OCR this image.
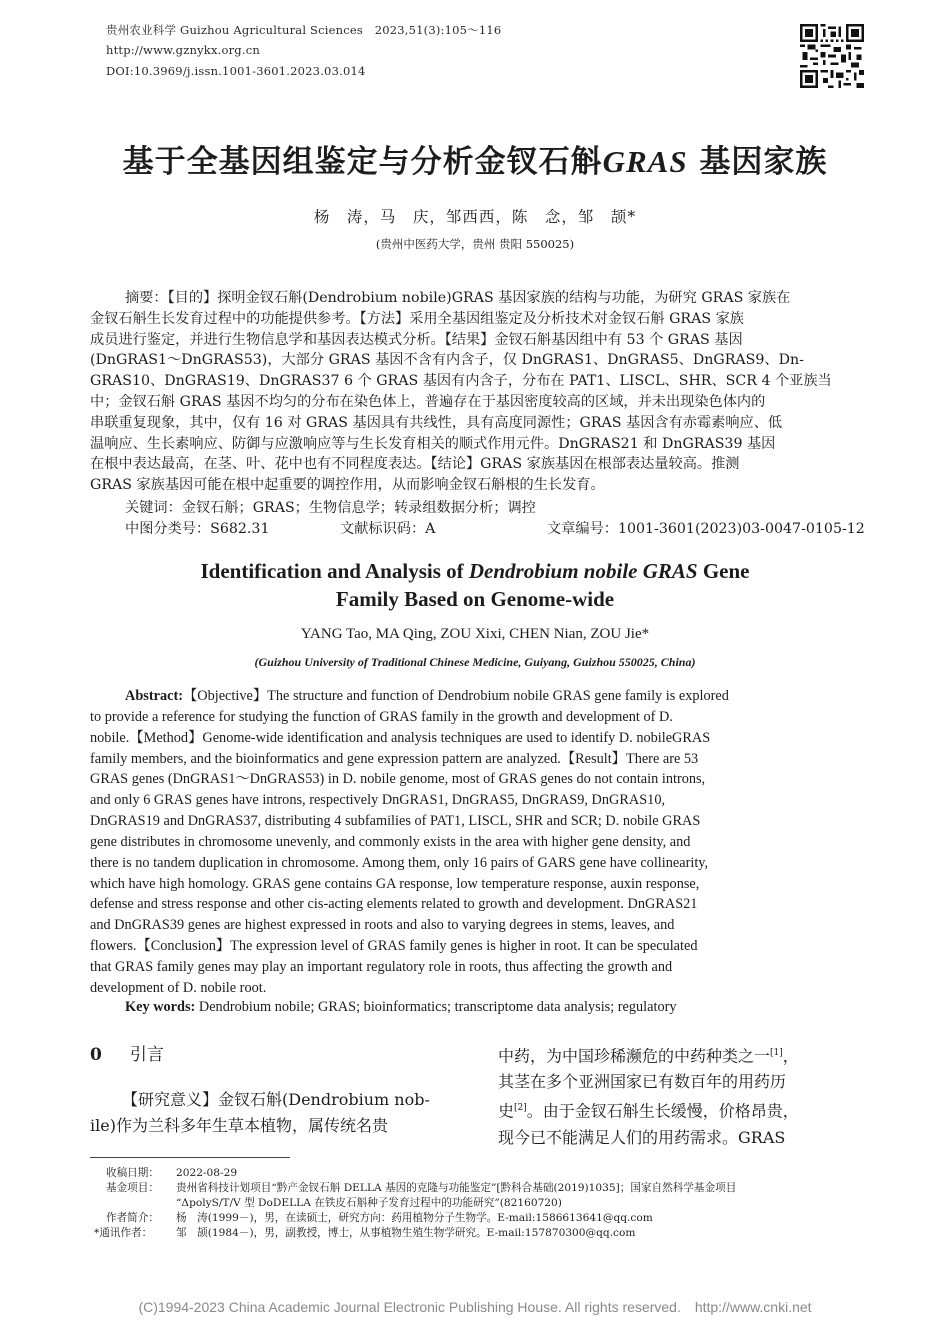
贵州农业科学 Guizhou Agricultural Sciences　2023,51(3):105～116
http://www.gznykx.org.cn
DOI:10.3969/j.issn.1001-3601.2023.03.014
基于全基因组鉴定与分析金钗石斛GRAS 基因家族
杨　涛，马　庆，邹西西，陈　念，邹　颉*
(贵州中医药大学，贵州 贵阳 550025)
摘要：【目的】探明金钗石斛(Dendrobium nobile)GRAS 基因家族的结构与功能，为研究 GRAS 家族在
金钗石斛生长发育过程中的功能提供参考。【方法】采用全基因组鉴定及分析技术对金钗石斛 GRAS 家族
成员进行鉴定，并进行生物信息学和基因表达模式分析。【结果】金钗石斛基因组中有 53 个 GRAS 基因
(DnGRAS1～DnGRAS53)，大部分 GRAS 基因不含有内含子，仅 DnGRAS1、DnGRAS5、DnGRAS9、Dn-
GRAS10、DnGRAS19、DnGRAS37 6 个 GRAS 基因有内含子，分布在 PAT1、LISCL、SHR、SCR 4 个亚族当
中；金钗石斛 GRAS 基因不均匀的分布在染色体上，普遍存在于基因密度较高的区域，并未出现染色体内的
串联重复现象，其中，仅有 16 对 GRAS 基因具有共线性，具有高度同源性；GRAS 基因含有赤霉素响应、低
温响应、生长素响应、防御与应激响应等与生长发育相关的顺式作用元件。DnGRAS21 和 DnGRAS39 基因
在根中表达最高，在茎、叶、花中也有不同程度表达。【结论】GRAS 家族基因在根部表达量较高。推测
GRAS 家族基因可能在根中起重要的调控作用，从而影响金钗石斛根的生长发育。
关键词：金钗石斛；GRAS；生物信息学；转录组数据分析；调控
中图分类号：S682.31	文献标识码：A	文章编号：1001-3601(2023)03-0047-0105-12
Identification and Analysis of Dendrobium nobile GRAS Gene
Family Based on Genome-wide
YANG Tao, MA Qing, ZOU Xixi, CHEN Nian, ZOU Jie*
(Guizhou University of Traditional Chinese Medicine, Guiyang, Guizhou 550025, China)
Abstract:【Objective】The structure and function of Dendrobium nobile GRAS gene family is explored
to provide a reference for studying the function of GRAS family in the growth and development of D.
nobile.【Method】Genome-wide identification and analysis techniques are used to identify D. nobileGRAS
family members, and the bioinformatics and gene expression pattern are analyzed.【Result】There are 53
GRAS genes (DnGRAS1～DnGRAS53) in D. nobile genome, most of GRAS genes do not contain introns,
and only 6 GRAS genes have introns, respectively DnGRAS1, DnGRAS5, DnGRAS9, DnGRAS10,
DnGRAS19 and DnGRAS37, distributing 4 subfamilies of PAT1, LISCL, SHR and SCR; D. nobile GRAS
gene distributes in chromosome unevenly, and commonly exists in the area with higher gene density, and
there is no tandem duplication in chromosome. Among them, only 16 pairs of GARS gene have collinearity,
which have high homology. GRAS gene contains GA response, low temperature response, auxin response,
defense and stress response and other cis-acting elements related to growth and development. DnGRAS21
and DnGRAS39 genes are highest expressed in roots and also to varying degrees in stems, leaves, and
flowers.【Conclusion】The expression level of GRAS family genes is higher in root. It can be speculated
that GRAS family genes may play an important regulatory role in roots, thus affecting the growth and
development of D. nobile root.
Key words: Dendrobium nobile; GRAS; bioinformatics; transcriptome data analysis; regulatory
0 引言
【研究意义】金钗石斛(Dendrobium nob-
ile)作为兰科多年生草本植物，属传统名贵
中药，为中国珍稀濒危的中药种类之一[1]，
其茎在多个亚洲国家已有数百年的用药历
史[2]。由于金钗石斛生长缓慢，价格昂贵，
现今已不能满足人们的用药需求。GRAS
收稿日期： 2022-08-29
基金项目： 贵州省科技计划项目“黔产金钗石斛 DELLA 基因的克隆与功能鉴定”[黔科合基础(2019)1035]；国家自然科学基金项目
“ΔpolyS/T/V 型 DoDELLA 在铁皮石斛种子发育过程中的功能研究”(82160720)
作者简介： 杨　涛(1999－)，男，在读硕士，研究方向：药用植物分子生物学。E-mail:1586613641@qq.com
*通讯作者： 邹　颉(1984－)，男，副教授，博士，从事植物生殖生物学研究。E-mail:157870300@qq.com
(C)1994-2023 China Academic Journal Electronic Publishing House. All rights reserved.　http://www.cnki.net
